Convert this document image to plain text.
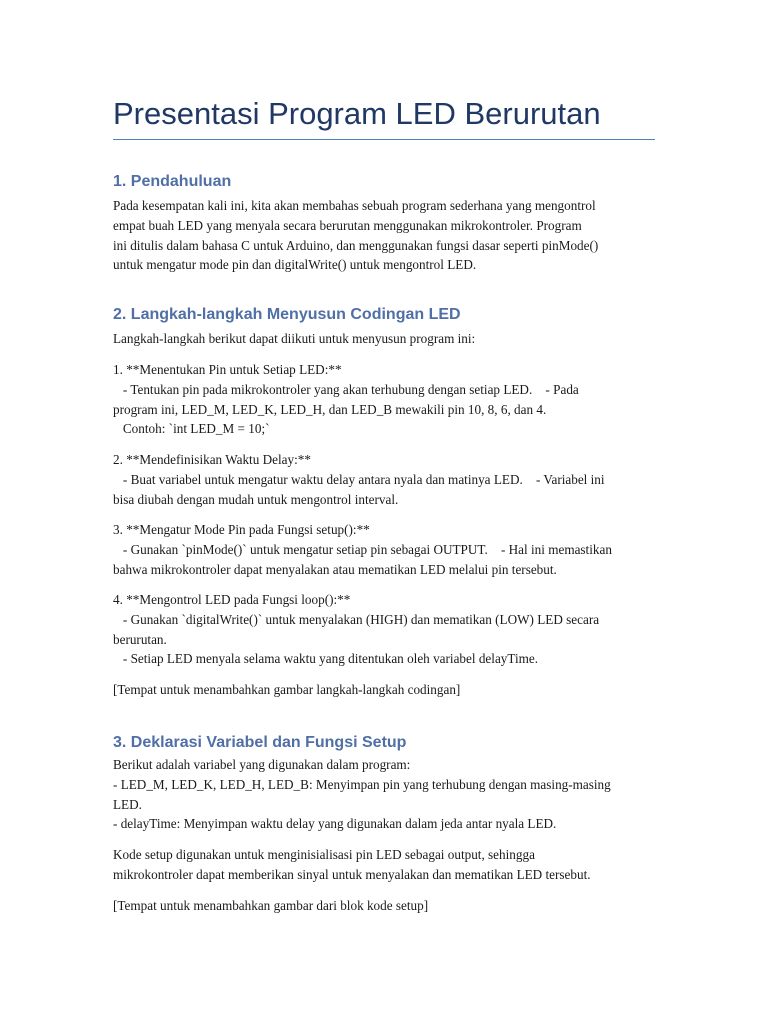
Presentasi Program LED Berurutan
1. Pendahuluan
Pada kesempatan kali ini, kita akan membahas sebuah program sederhana yang mengontrol
empat buah LED yang menyala secara berurutan menggunakan mikrokontroler. Program
ini ditulis dalam bahasa C untuk Arduino, dan menggunakan fungsi dasar seperti pinMode()
untuk mengatur mode pin dan digitalWrite() untuk mengontrol LED.
2. Langkah-langkah Menyusun Codingan LED
Langkah-langkah berikut dapat diikuti untuk menyusun program ini:
1. **Menentukan Pin untuk Setiap LED:**
- Tentukan pin pada mikrokontroler yang akan terhubung dengan setiap LED.    - Pada
program ini, LED_M, LED_K, LED_H, dan LED_B mewakili pin 10, 8, 6, dan 4.
Contoh: `int LED_M = 10;`
2. **Mendefinisikan Waktu Delay:**
- Buat variabel untuk mengatur waktu delay antara nyala dan matinya LED.    - Variabel ini
bisa diubah dengan mudah untuk mengontrol interval.
3. **Mengatur Mode Pin pada Fungsi setup():**
- Gunakan `pinMode()` untuk mengatur setiap pin sebagai OUTPUT.    - Hal ini memastikan
bahwa mikrokontroler dapat menyalakan atau mematikan LED melalui pin tersebut.
4. **Mengontrol LED pada Fungsi loop():**
- Gunakan `digitalWrite()` untuk menyalakan (HIGH) dan mematikan (LOW) LED secara
berurutan.
- Setiap LED menyala selama waktu yang ditentukan oleh variabel delayTime.
[Tempat untuk menambahkan gambar langkah-langkah codingan]
3. Deklarasi Variabel dan Fungsi Setup
Berikut adalah variabel yang digunakan dalam program:
- LED_M, LED_K, LED_H, LED_B: Menyimpan pin yang terhubung dengan masing-masing
LED.
- delayTime: Menyimpan waktu delay yang digunakan dalam jeda antar nyala LED.
Kode setup digunakan untuk menginisialisasi pin LED sebagai output, sehingga
mikrokontroler dapat memberikan sinyal untuk menyalakan dan mematikan LED tersebut.
[Tempat untuk menambahkan gambar dari blok kode setup]
